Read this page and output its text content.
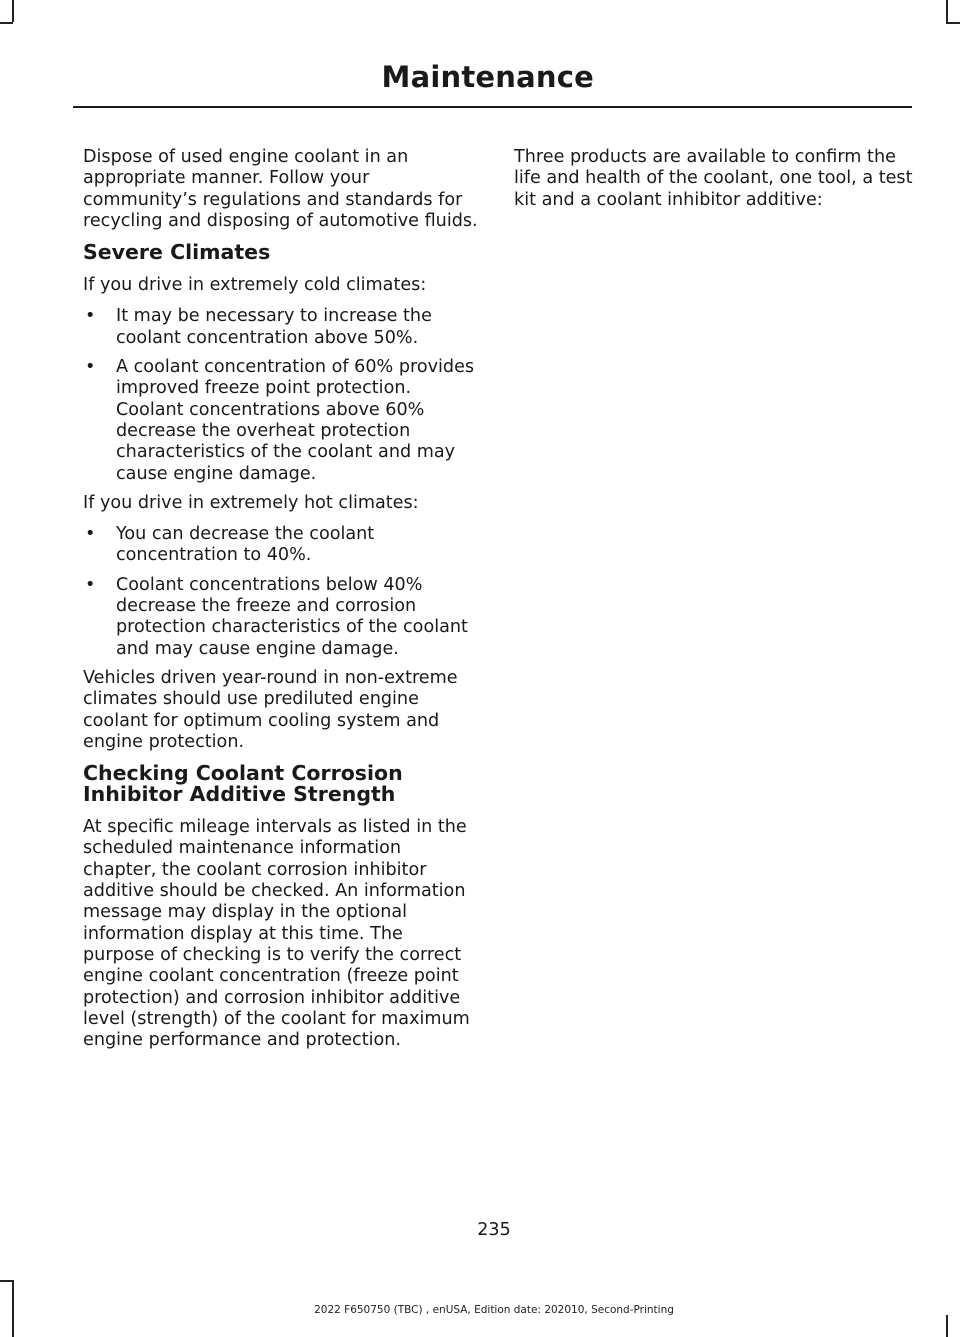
Maintenance

Dispose of used engine coolant in an appropriate manner. Follow your community’s regulations and standards for recycling and disposing of automotive fluids.

Severe Climates

If you drive in extremely cold climates:

• It may be necessary to increase the coolant concentration above 50%.
• A coolant concentration of 60% provides improved freeze point protection. Coolant concentrations above 60% decrease the overheat protection characteristics of the coolant and may cause engine damage.

If you drive in extremely hot climates:

• You can decrease the coolant concentration to 40%.
• Coolant concentrations below 40% decrease the freeze and corrosion protection characteristics of the coolant and may cause engine damage.

Vehicles driven year-round in non-extreme climates should use prediluted engine coolant for optimum cooling system and engine protection.

Checking Coolant Corrosion Inhibitor Additive Strength

At specific mileage intervals as listed in the scheduled maintenance information chapter, the coolant corrosion inhibitor additive should be checked. An information message may display in the optional information display at this time. The purpose of checking is to verify the correct engine coolant concentration (freeze point protection) and corrosion inhibitor additive level (strength) of the coolant for maximum engine performance and protection.

Three products are available to confirm the life and health of the coolant, one tool, a test kit and a coolant inhibitor additive:

235
2022 F650750 (TBC) , enUSA, Edition date: 202010, Second-Printing
